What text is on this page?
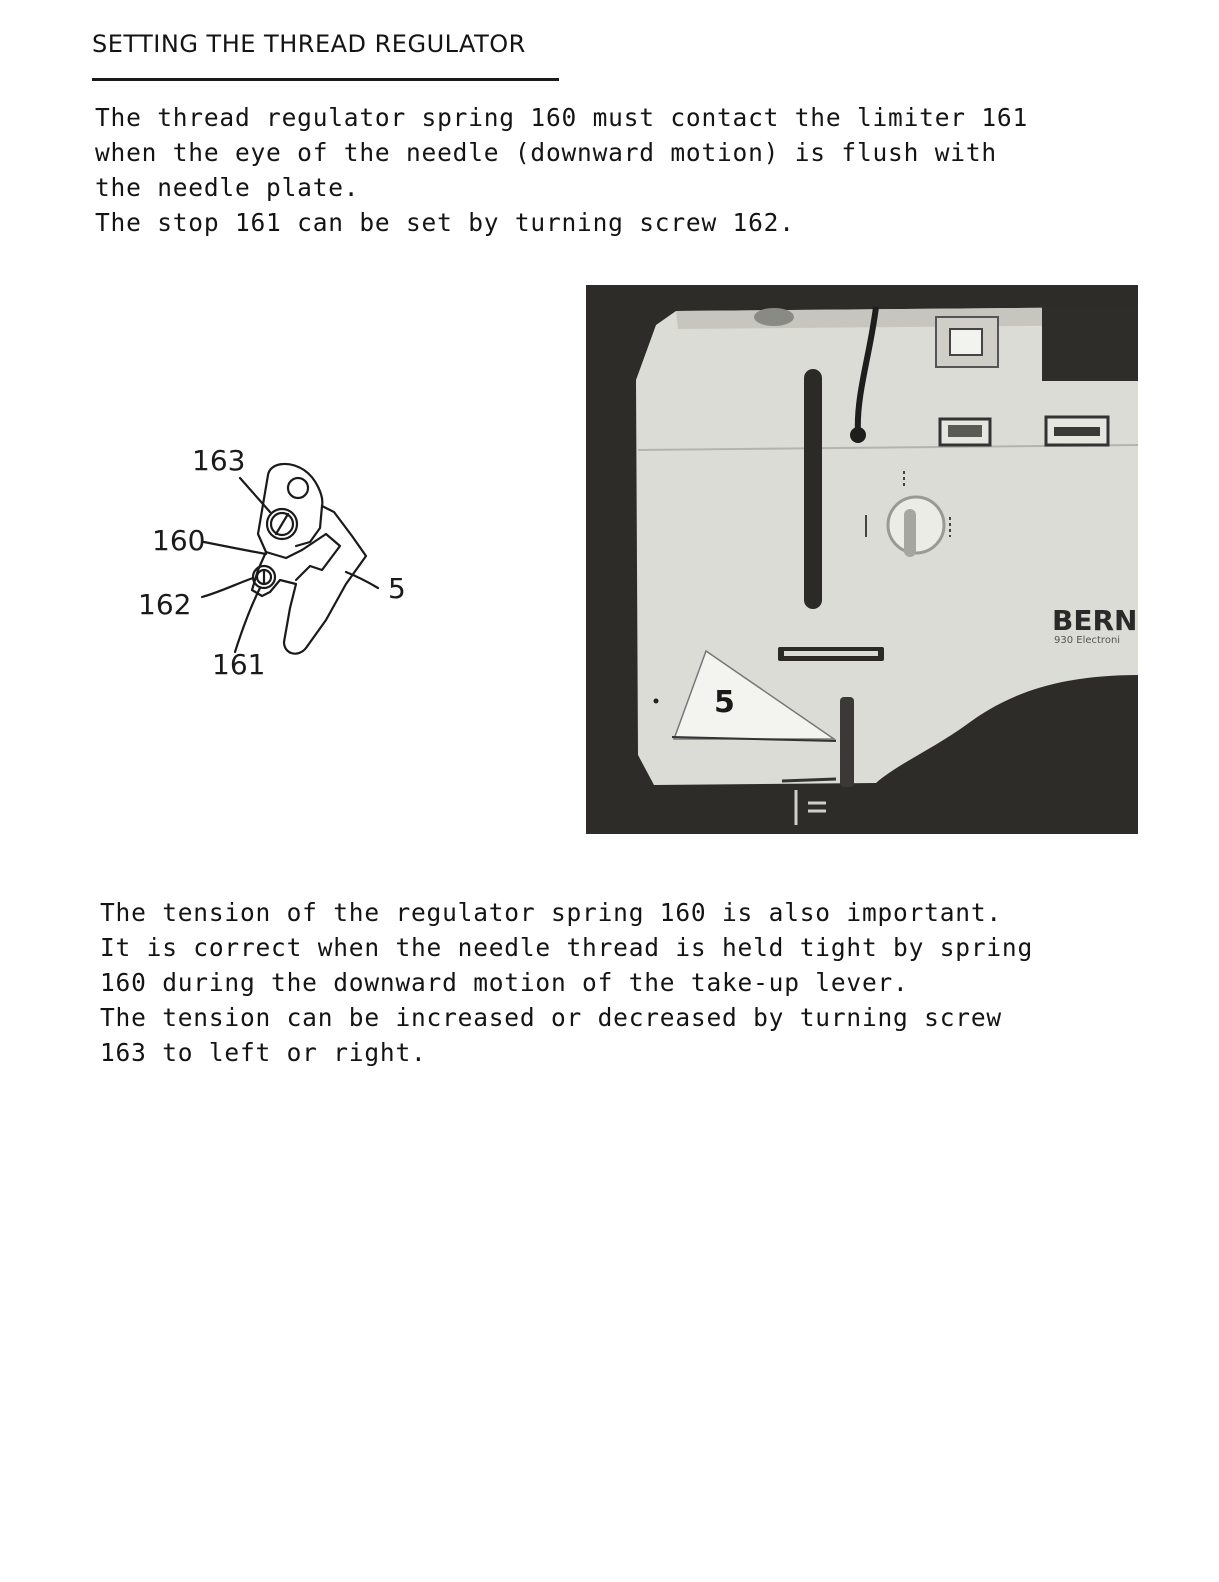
SETTING THE THREAD REGULATOR
The thread regulator spring 160 must contact the limiter 161
when the eye of the needle (downward motion) is flush with
the needle plate.
The stop 161 can be set by turning screw 162.
163
160
162
161
5
5
BERN
930 Electroni
The tension of the regulator spring 160 is also important.
It is correct when the needle thread is held tight by spring
160 during the downward motion of the take-up lever.
The tension can be increased or decreased by turning screw
163 to left or right.
